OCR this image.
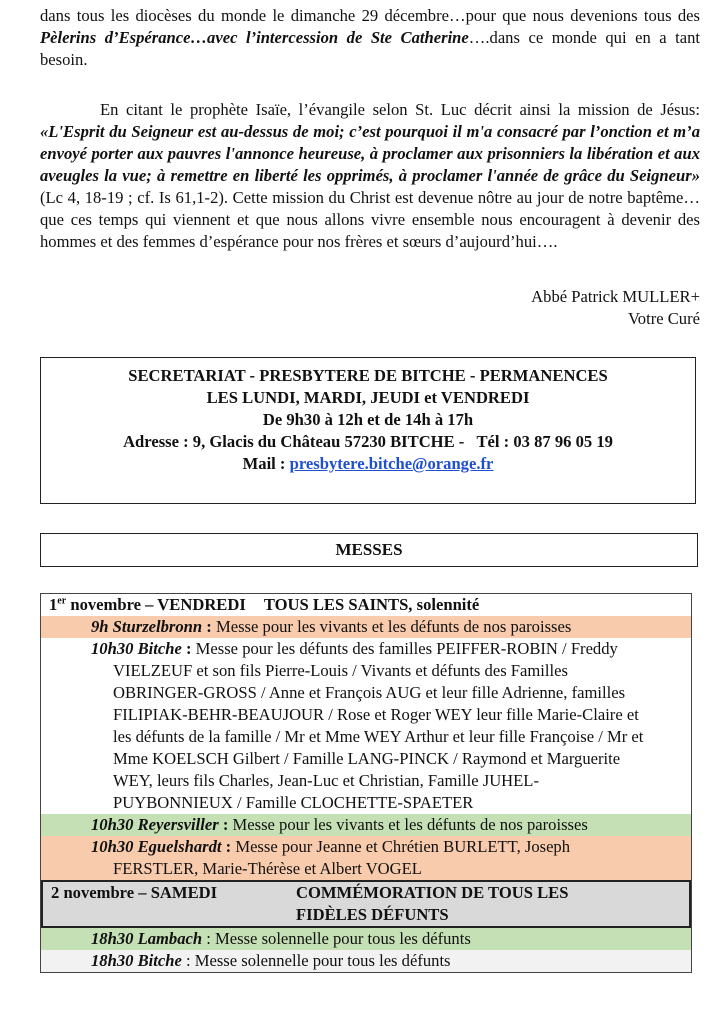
dans tous les diocèses du monde le dimanche 29 décembre…pour que nous devenions tous des Pèlerins d’Espérance…avec l’intercession de Ste Catherine….dans ce monde qui en a tant besoin.

En citant le prophète Isaïe, l’évangile selon St. Luc décrit ainsi la mission de Jésus: «L'Esprit du Seigneur est au-dessus de moi; c’est pourquoi il m'a consacré par l’onction et m’a envoyé porter aux pauvres l'annonce heureuse, à proclamer aux prisonniers la libération et aux aveugles la vue; à remettre en liberté les opprimés, à proclamer l'année de grâce du Seigneur» (Lc 4, 18-19 ; cf. Is 61,1-2). Cette mission du Christ est devenue nôtre au jour de notre baptême…que ces temps qui viennent et que nous allons vivre ensemble nous encouragent à devenir des hommes et des femmes d’espérance pour nos frères et sœurs d’aujourd’hui….

Abbé Patrick MULLER+
Votre Curé
SECRETARIAT - PRESBYTERE DE BITCHE - PERMANENCES
LES LUNDI, MARDI, JEUDI et VENDREDI
De 9h30 à 12h et de 14h à 17h
Adresse : 9, Glacis du Château 57230 BITCHE -   Tél : 03 87 96 05 19
Mail : presbytere.bitche@orange.fr
MESSES
1er novembre – VENDREDI TOUS LES SAINTS, solennité
9h Sturzelbronn : Messe pour les vivants et les défunts de nos paroisses
10h30 Bitche : Messe pour les défunts des familles PEIFFER-ROBIN / Freddy VIELZEUF et son fils Pierre-Louis / Vivants et défunts des Familles OBRINGER-GROSS / Anne et François AUG et leur fille Adrienne, familles FILIPIAK-BEHR-BEAUJOUR / Rose et Roger WEY leur fille Marie-Claire et les défunts de la famille / Mr et Mme WEY Arthur et leur fille Françoise / Mr et Mme KOELSCH Gilbert / Famille LANG-PINCK / Raymond et Marguerite WEY, leurs fils Charles, Jean-Luc et Christian, Famille JUHEL-PUYBONNIEUX / Famille CLOCHETTE-SPAETER
10h30 Reyersviller : Messe pour les vivants et les défunts de nos paroisses
10h30 Eguelshardt : Messe pour Jeanne et Chrétien BURLETT, Joseph FERSTLER, Marie-Thérèse et Albert VOGEL
2 novembre – SAMEDI	COMMÉMORATION DE TOUS LES FIDÈLES DÉFUNTS
18h30 Lambach : Messe solennelle pour tous les défunts
18h30 Bitche : Messe solennelle pour tous les défunts
